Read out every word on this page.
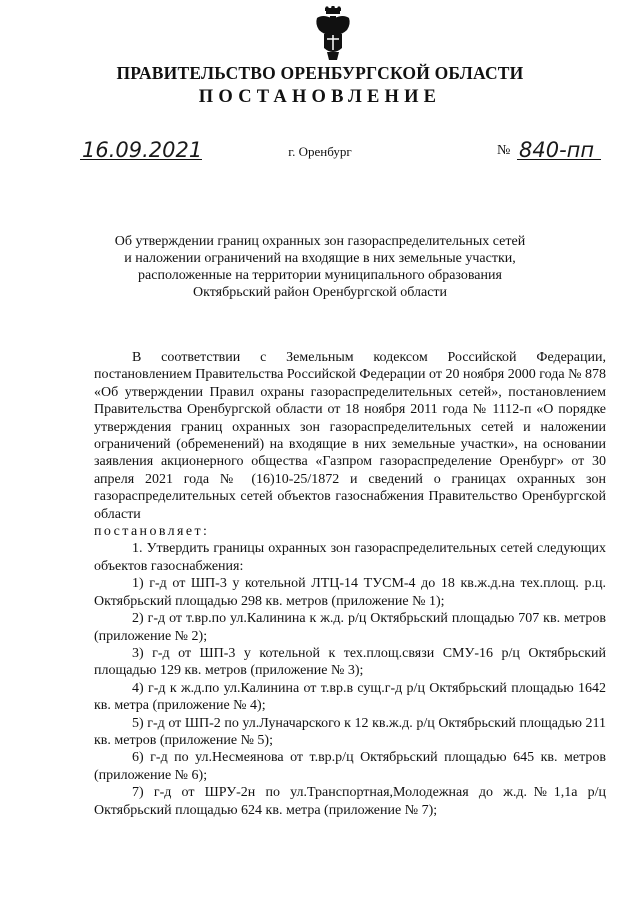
ПРАВИТЕЛЬСТВО ОРЕНБУРГСКОЙ ОБЛАСТИ
ПОСТАНОВЛЕНИЕ
16.09.2021	г. Оренбург	№ 840-пп
Об утверждении границ охранных зон газораспределительных сетей
и наложении ограничений на входящие в них земельные участки,
расположенные на территории муниципального образования
Октябрьский район Оренбургской области

В соответствии с Земельным кодексом Российской Федерации, постановлением Правительства Российской Федерации от 20 ноября 2000 года № 878 «Об утверждении Правил охраны газораспределительных сетей», постановлением Правительства Оренбургской области от 18 ноября 2011 года № 1112-п «О порядке утверждения границ охранных зон газораспределительных сетей и наложении ограничений (обременений) на входящие в них земельные участки», на основании заявления акционерного общества «Газпром газораспределение Оренбург» от 30 апреля 2021 года № (16)10-25/1872 и сведений о границах охранных зон газораспределительных сетей объектов газоснабжения Правительство Оренбургской области

постановляет:

1. Утвердить границы охранных зон газораспределительных сетей следующих объектов газоснабжения:

1) г-д от ШП-3 у котельной ЛТЦ-14 ТУСМ-4 до 18 кв.ж.д.на тех.площ. р.ц. Октябрьский площадью 298 кв. метров (приложение № 1);

2) г-д от т.вр.по ул.Калинина к ж.д. р/ц Октябрьский площадью 707 кв. метров (приложение № 2);

3) г-д от ШП-3 у котельной к тех.площ.связи СМУ-16 р/ц Октябрьский площадью 129 кв. метров (приложение № 3);

4) г-д к ж.д.по ул.Калинина от т.вр.в сущ.г-д р/ц Октябрьский площадью 1642 кв. метра (приложение № 4);

5) г-д от ШП-2 по ул.Луначарского к 12 кв.ж.д. р/ц Октябрьский площадью 211 кв. метров (приложение № 5);

6) г-д по ул.Несмеянова от т.вр.р/ц Октябрьский площадью 645 кв. метров (приложение № 6);

7) г-д от ШРУ-2н по ул.Транспортная,Молодежная до ж.д.№1,1а р/ц Октябрьский площадью 624 кв. метра (приложение № 7);
